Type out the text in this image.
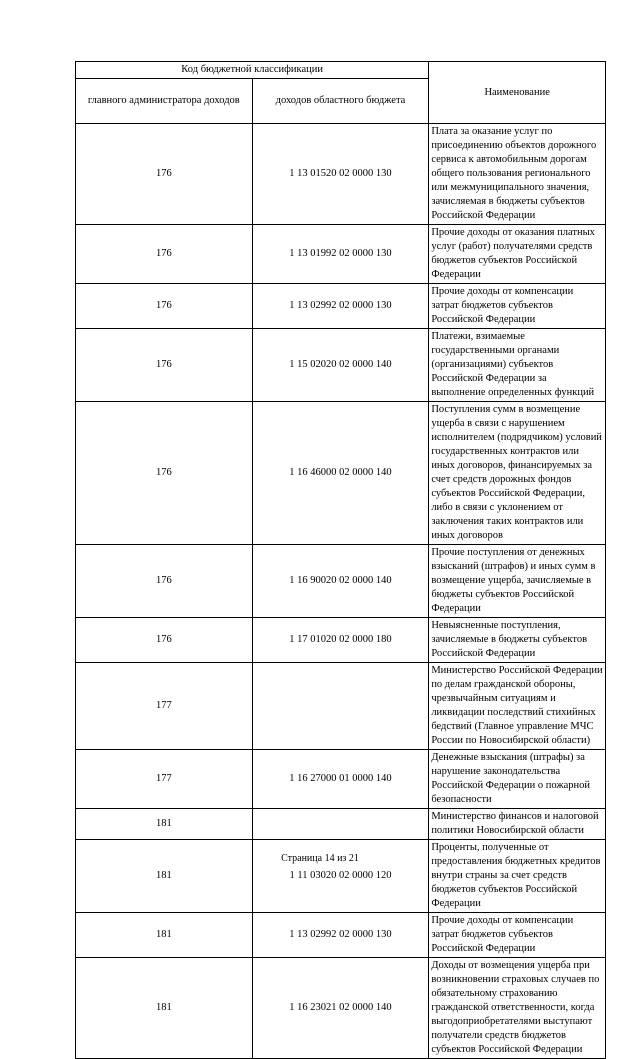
Код бюджетной классификации		Наименование
главного администратора доходов	доходов областного бюджета	
176	1 13 01520 02 0000 130	Плата за оказание услуг по присоединению объектов дорожного сервиса к автомобильным дорогам общего пользования регионального или межмуниципального значения, зачисляемая в бюджеты субъектов Российской Федерации
176	1 13 01992 02 0000 130	Прочие доходы от оказания платных услуг (работ) получателями средств бюджетов субъектов Российской Федерации
176	1 13 02992 02 0000 130	Прочие доходы от компенсации затрат бюджетов субъектов Российской Федерации
176	1 15 02020 02 0000 140	Платежи, взимаемые государственными органами (организациями) субъектов Российской Федерации за выполнение определенных функций
176	1 16 46000 02 0000 140	Поступления сумм в возмещение ущерба в связи с нарушением исполнителем (подрядчиком) условий государственных контрактов или иных договоров, финансируемых за счет средств дорожных фондов субъектов Российской Федерации, либо в связи с уклонением от заключения таких контрактов или иных договоров
176	1 16 90020 02 0000 140	Прочие поступления от денежных взысканий (штрафов) и иных сумм в возмещение ущерба, зачисляемые в бюджеты субъектов Российской Федерации
176	1 17 01020 02 0000 180	Невыясненные поступления, зачисляемые в бюджеты субъектов Российской Федерации
177		Министерство Российской Федерации по делам гражданской обороны, чрезвычайным ситуациям и ликвидации последствий стихийных бедствий (Главное управление МЧС России по Новосибирской области)
177	1 16 27000 01 0000 140	Денежные взыскания (штрафы) за нарушение законодательства Российской Федерации о пожарной безопасности
181		Министерство финансов и налоговой политики Новосибирской области
181	1 11 03020 02 0000 120	Проценты, полученные от предоставления бюджетных кредитов внутри страны за счет средств бюджетов субъектов Российской Федерации
181	1 13 02992 02 0000 130	Прочие доходы от компенсации затрат бюджетов субъектов Российской Федерации
181	1 16 23021 02 0000 140	Доходы от возмещения ущерба при возникновении страховых случаев по обязательному страхованию гражданской ответственности, когда выгодоприобретателями выступают получатели средств бюджетов субъектов Российской Федерации
Страница 14 из 21
